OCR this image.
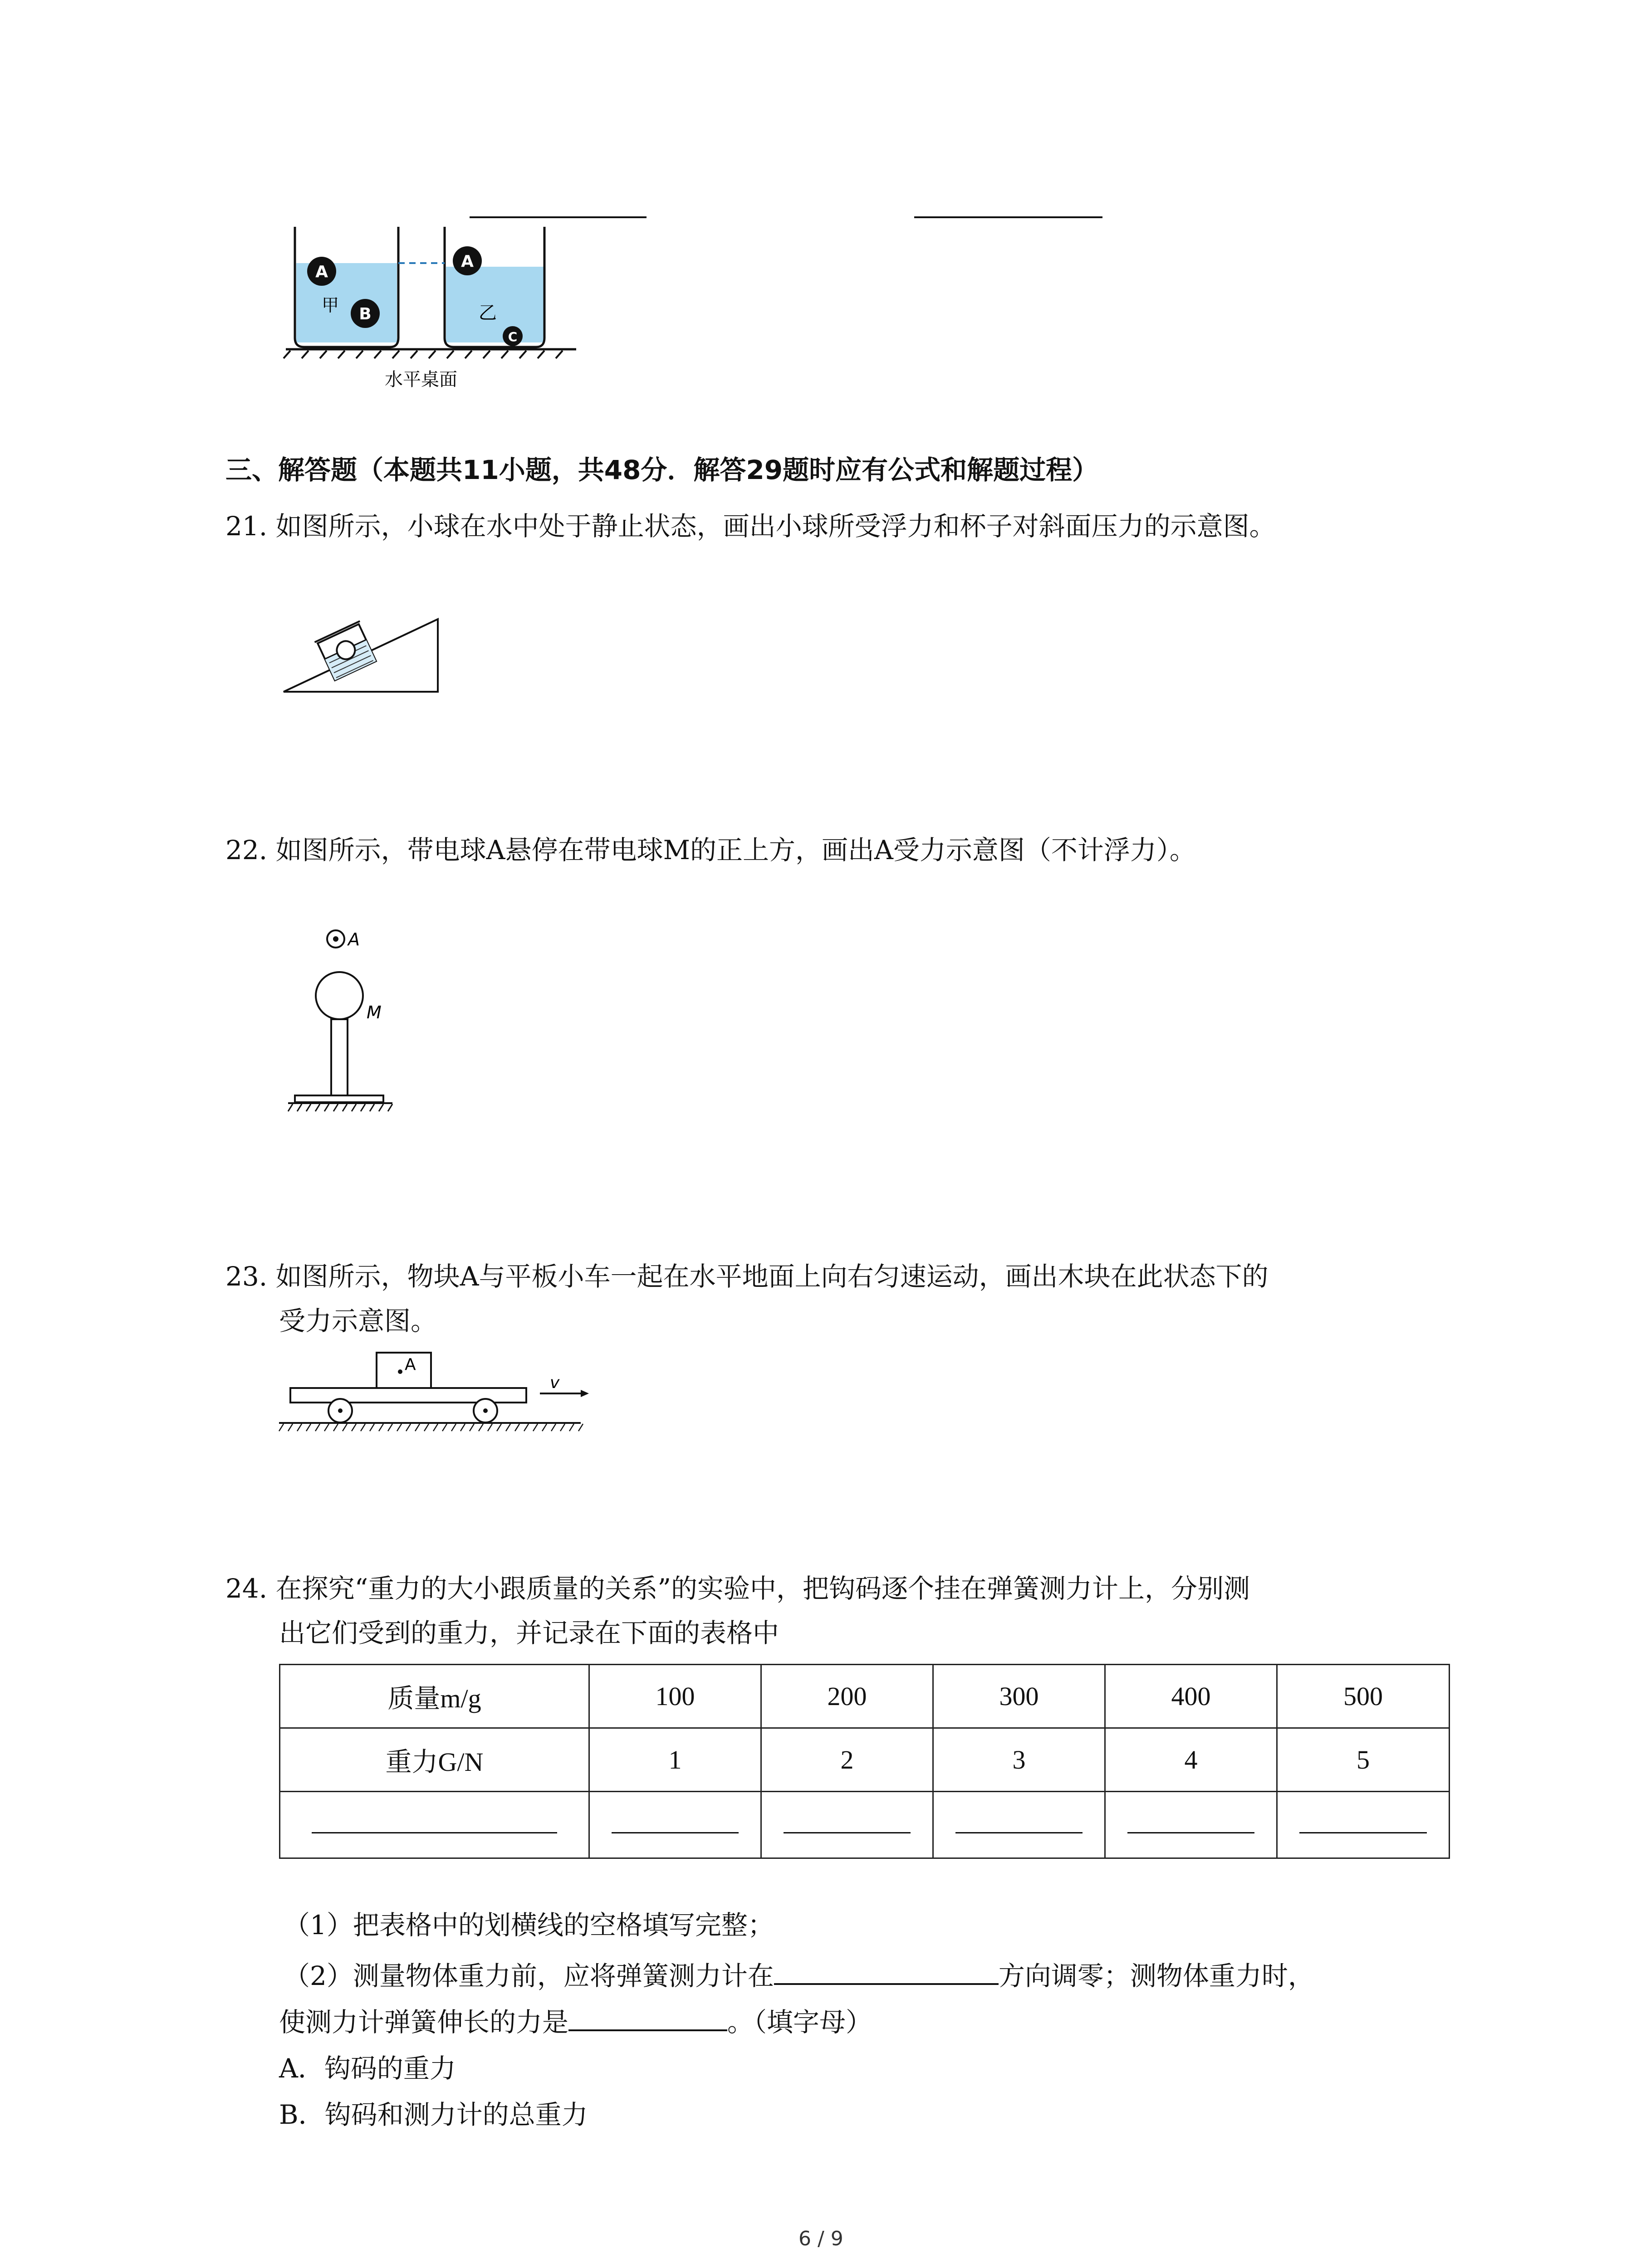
A
B
A
C
甲	乙
水平桌面
三、解答题（本题共11小题，共48分．解答29题时应有公式和解题过程）
21. 如图所示，小球在水中处于静止状态，画出小球所受浮力和杯子对斜面压力的示意图。
22. 如图所示，带电球A悬停在带电球M的正上方，画出A受力示意图（不计浮力）。
A
M
23. 如图所示，物块A与平板小车一起在水平地面上向右匀速运动，画出木块在此状态下的
受力示意图。
A
v
24. 在探究“重力的大小跟质量的关系”的实验中，把钩码逐个挂在弹簧测力计上，分别测
出它们受到的重力，并记录在下面的表格中
质量m/g	100	200	300	400	500
重力G/N	1	2	3	4	5

（1）把表格中的划横线的空格填写完整；
（2）测量物体重力前，应将弹簧测力计在	方向调零；测物体重力时，
使测力计弹簧伸长的力是	。（填字母）
A．钩码的重力
B．钩码和测力计的总重力
6 / 9
